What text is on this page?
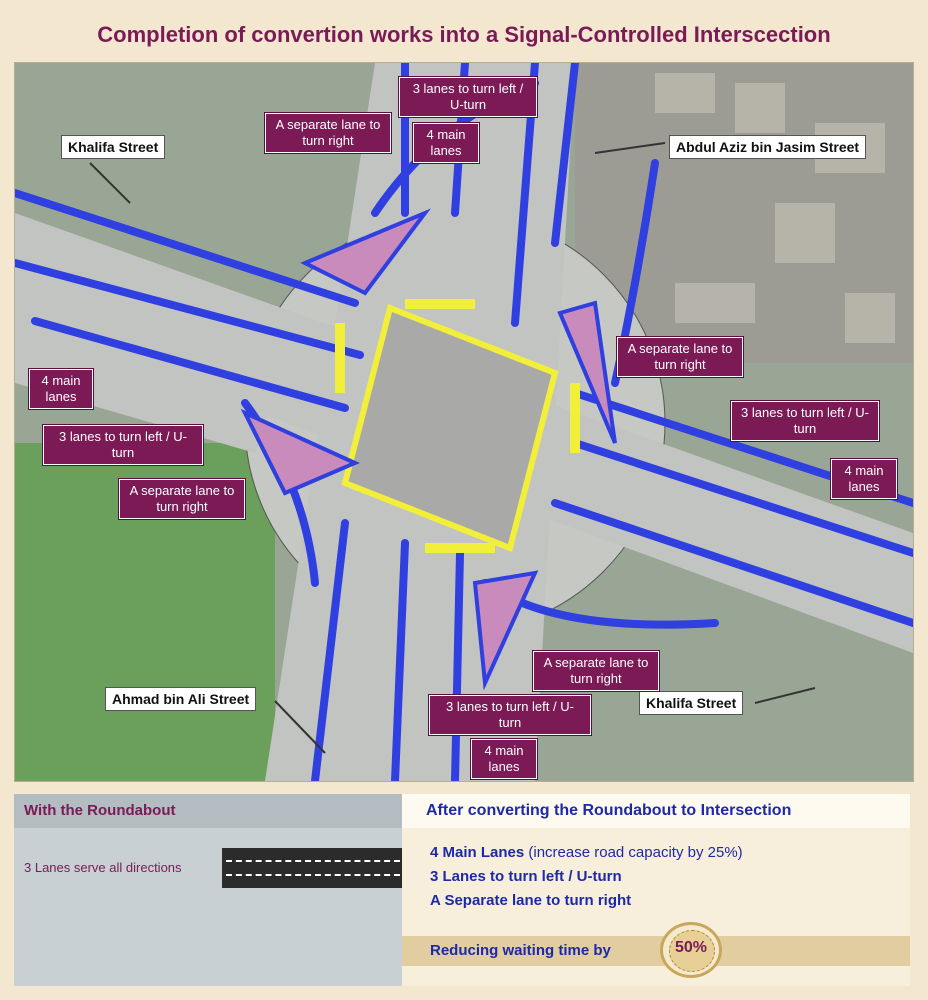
Completion of convertion works into a Signal-Controlled Interscection
Khalifa Street	Abdul Aziz bin Jasim Street
Ahmad bin Ali Street	Khalifa Street
3 lanes to turn left / U-turn
A separate lane to turn right	4 main lanes
4 main lanes
3 lanes to turn left / U-turn
A separate lane to turn right
A separate lane to turn right
3 lanes to turn left / U-turn
4 main lanes
A separate lane to turn right
3 lanes to turn left / U-turn
4 main lanes
With the Roundabout
3 Lanes serve all directions
After converting the Roundabout to Intersection
4 Main Lanes (increase road capacity by 25%)
3 Lanes to turn left / U-turn
A Separate lane to turn right
Reducing waiting time by	50%
